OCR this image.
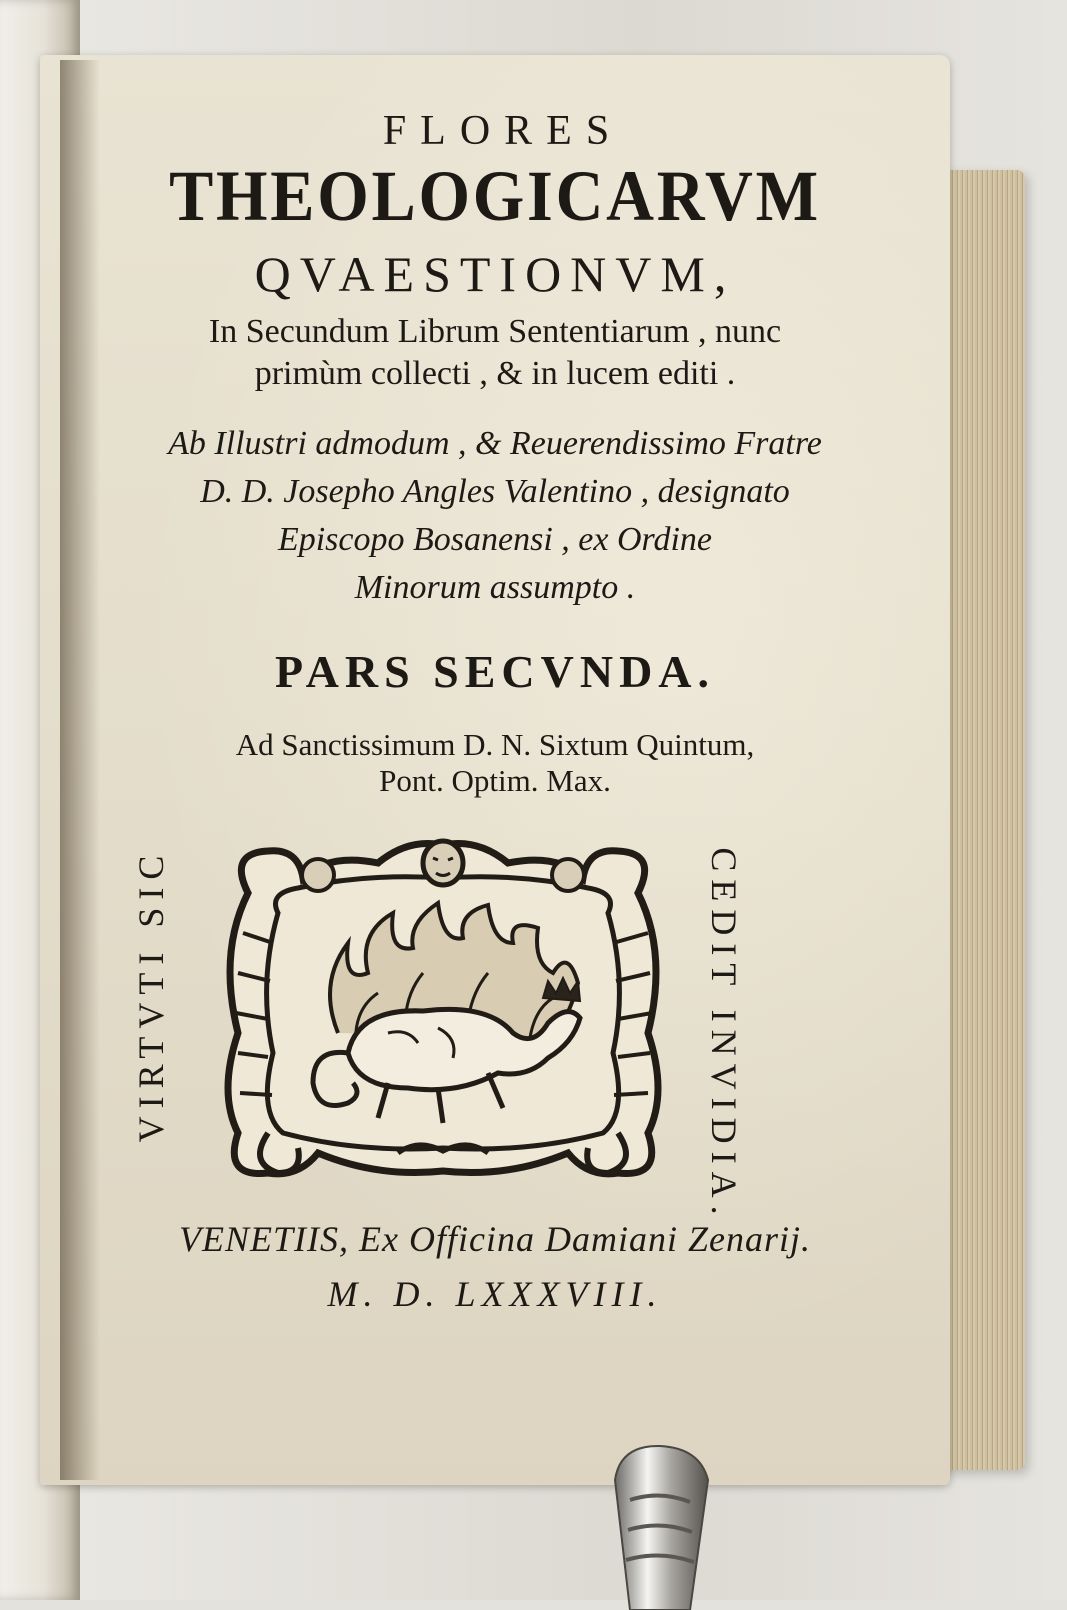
FLORES
THEOLOGICARVM
QVAESTIONVM,
In Secundum Librum Sententiarum , nunc
primùm collecti , & in lucem editi .
Ab Illustri admodum , & Reuerendissimo Fratre
D. D. Josepho Angles Valentino , designato
Episcopo Bosanensi , ex Ordine
Minorum assumpto .
PARS SECVNDA.
Ad Sanctissimum D. N. Sixtum Quintum,
Pont. Optim. Max.
VIRTVTI SIC	CEDIT INVIDIA.
VENETIIS, Ex Officina Damiani Zenarij.
M. D. LXXXVIII.
